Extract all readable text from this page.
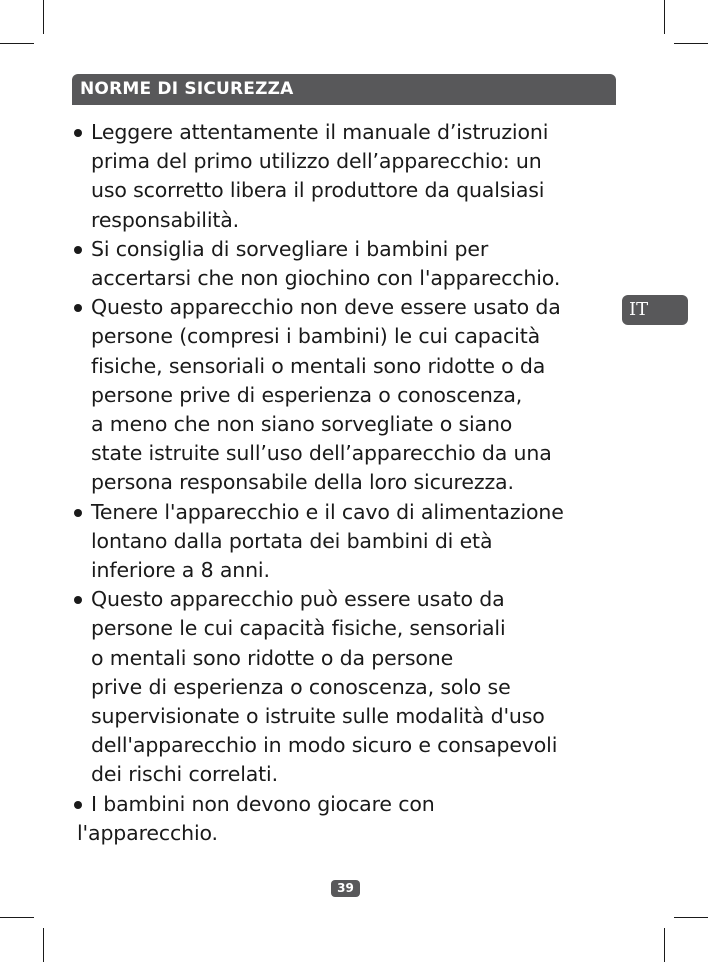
NORME DI SICUREZZA
IT
Leggere attentamente il manuale d’istruzioni
prima del primo utilizzo dell’apparecchio: un
uso scorretto libera il produttore da qualsiasi
responsabilità.
Si consiglia di sorvegliare i bambini per
accertarsi che non giochino con l'apparecchio.
Questo apparecchio non deve essere usato da
persone (compresi i bambini) le cui capacità
fisiche, sensoriali o mentali sono ridotte o da
persone prive di esperienza o conoscenza,
a meno che non siano sorvegliate o siano
state istruite sull’uso dell’apparecchio da una
persona responsabile della loro sicurezza.
Tenere l'apparecchio e il cavo di alimentazione
lontano dalla portata dei bambini di età
inferiore a 8 anni.
Questo apparecchio può essere usato da
persone le cui capacità fisiche, sensoriali
o mentali sono ridotte o da persone
prive di esperienza o conoscenza, solo se
supervisionate o istruite sulle modalità d'uso
dell'apparecchio in modo sicuro e consapevoli
dei rischi correlati.
I bambini non devono giocare con
l'apparecchio.
39
